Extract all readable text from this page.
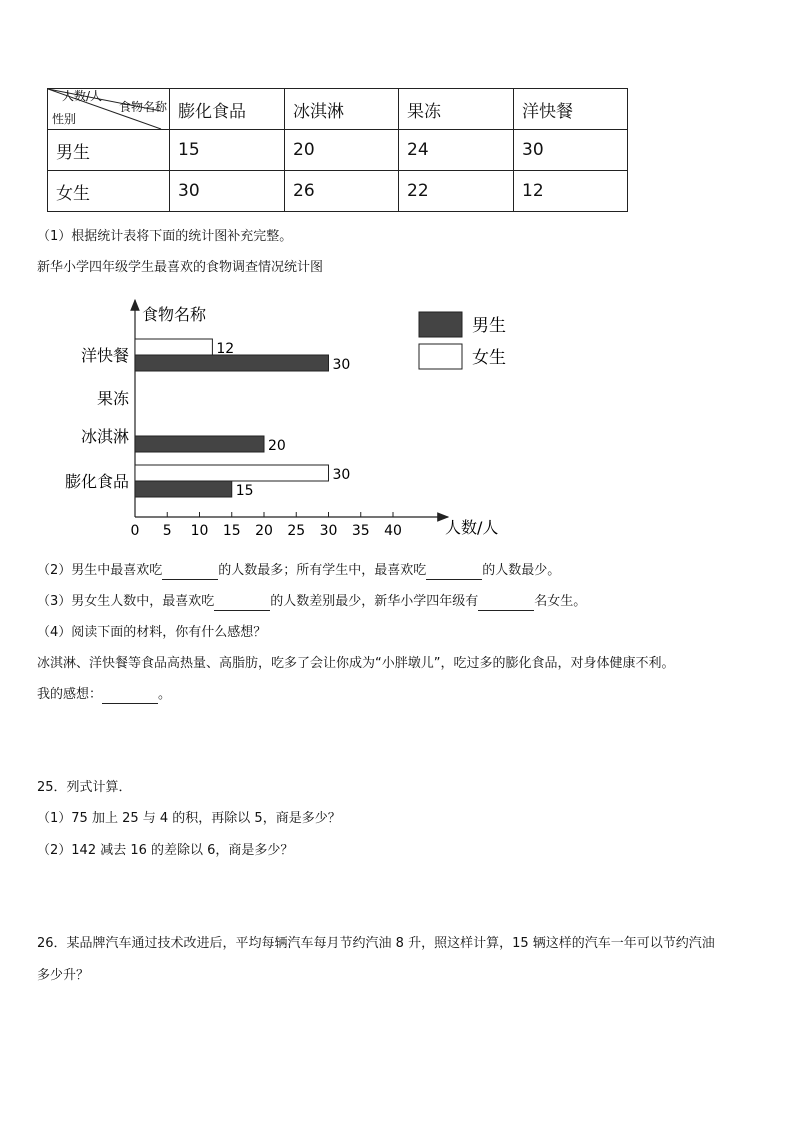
人数/人
食物名称
性别	膨化食品	冰淇淋	果冻	洋快餐
男生	15	20	24	30
女生	30	26	22	12
（1）根据统计表将下面的统计图补充完整。
新华小学四年级学生最喜欢的食物调查情况统计图
食物名称
人数/人
15
20
30
30
12
男生
女生
0 5 10 15 20 25 30 35 40
膨化食品
冰淇淋
果冻
洋快餐
（2）男生中最喜欢吃	的人数最多；所有学生中，最喜欢吃	的人数最少。
（3）男女生人数中，最喜欢吃	的人数差别最少，新华小学四年级有	名女生。
（4）阅读下面的材料，你有什么感想？
冰淇淋、洋快餐等食品高热量、高脂肪，吃多了会让你成为“小胖墩儿”，吃过多的膨化食品，对身体健康不利。
我的感想：	。
25．列式计算．
（1）75 加上 25 与 4 的积，再除以 5，商是多少？
（2）142 减去 16 的差除以 6，商是多少？
26．某品牌汽车通过技术改进后，平均每辆汽车每月节约汽油 8 升，照这样计算，15 辆这样的汽车一年可以节约汽油
多少升？
